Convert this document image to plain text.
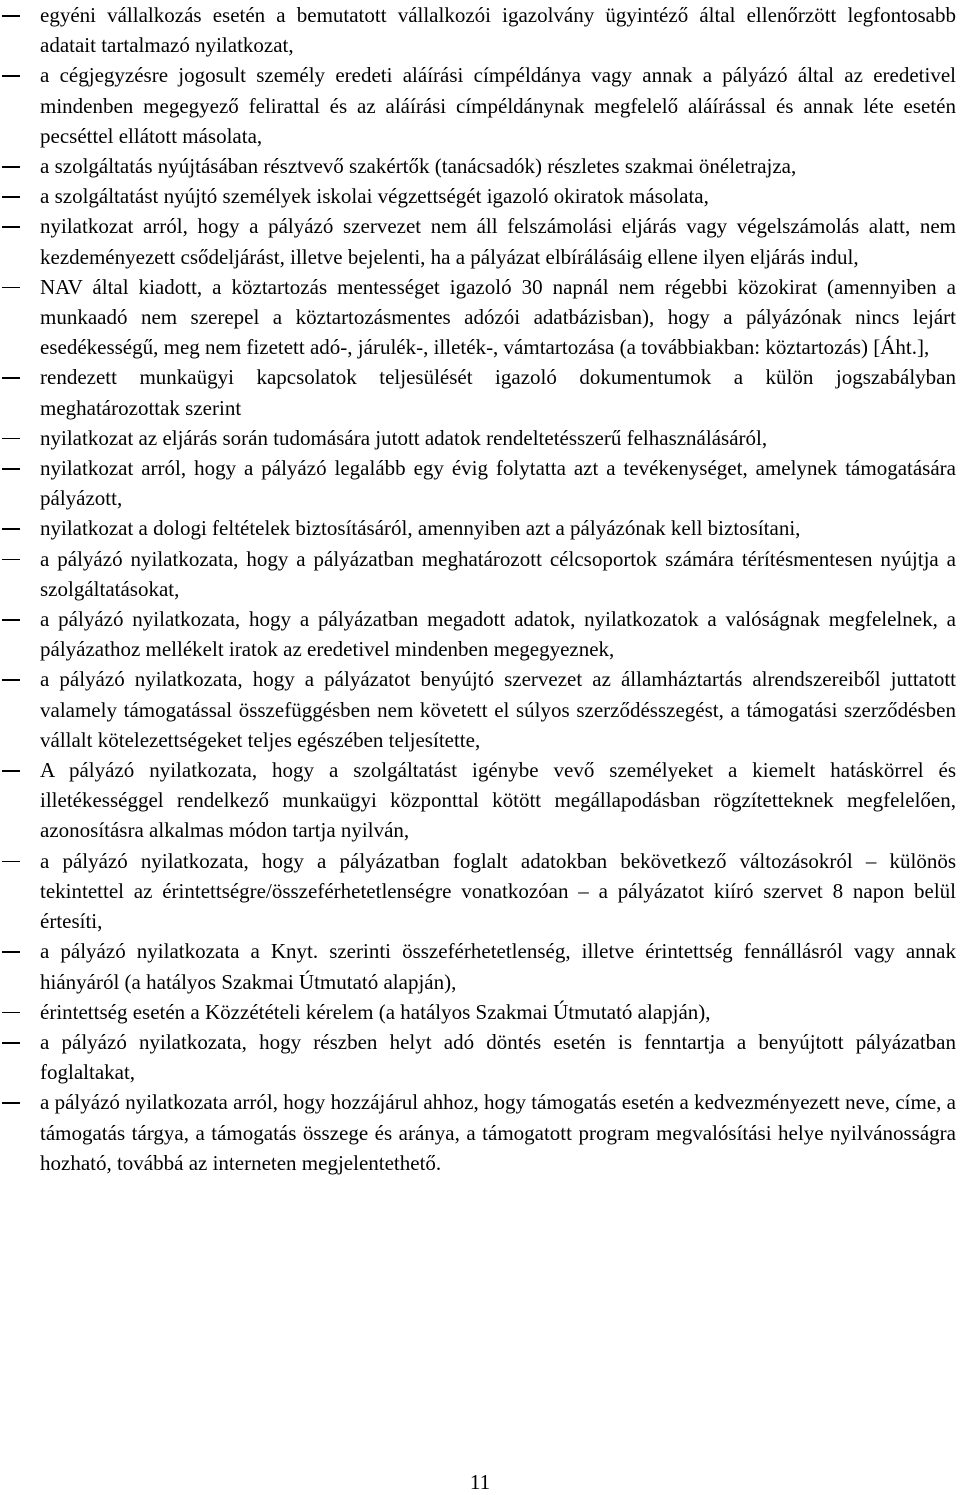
egyéni vállalkozás esetén a bemutatott vállalkozói igazolvány ügyintéző által ellenőrzött legfontosabb adatait tartalmazó nyilatkozat,
a cégjegyzésre jogosult személy eredeti aláírási címpéldánya vagy annak a pályázó által az eredetivel mindenben megegyező felirattal és az aláírási címpéldánynak megfelelő aláírással és annak léte esetén pecséttel ellátott másolata,
a szolgáltatás nyújtásában résztvevő szakértők (tanácsadók) részletes szakmai önéletrajza,
a szolgáltatást nyújtó személyek iskolai végzettségét igazoló okiratok másolata,
nyilatkozat arról, hogy a pályázó szervezet nem áll felszámolási eljárás vagy végelszámolás alatt, nem kezdeményezett csődeljárást, illetve bejelenti, ha a pályázat elbírálásáig ellene ilyen eljárás indul,
NAV által kiadott, a köztartozás mentességet igazoló 30 napnál nem régebbi közokirat (amennyiben a munkaadó nem szerepel a köztartozásmentes adózói adatbázisban), hogy a pályázónak nincs lejárt esedékességű, meg nem fizetett adó-, járulék-, illeték-, vámtartozása (a továbbiakban: köztartozás) [Áht.],
rendezett munkaügyi kapcsolatok teljesülését igazoló dokumentumok a külön jogszabályban meghatározottak szerint
nyilatkozat az eljárás során tudomására jutott adatok rendeltetésszerű felhasználásáról,
nyilatkozat arról, hogy a pályázó legalább egy évig folytatta azt a tevékenységet, amelynek támogatására pályázott,
nyilatkozat a dologi feltételek biztosításáról, amennyiben azt a pályázónak kell biztosítani,
a pályázó nyilatkozata, hogy a pályázatban meghatározott célcsoportok számára térítésmentesen nyújtja a szolgáltatásokat,
a pályázó nyilatkozata, hogy a pályázatban megadott adatok, nyilatkozatok a valóságnak megfelelnek, a pályázathoz mellékelt iratok az eredetivel mindenben megegyeznek,
a pályázó nyilatkozata, hogy a pályázatot benyújtó szervezet az államháztartás alrendszereiből juttatott valamely támogatással összefüggésben nem követett el súlyos szerződésszegést, a támogatási szerződésben vállalt kötelezettségeket teljes egészében teljesítette,
A pályázó nyilatkozata, hogy a szolgáltatást igénybe vevő személyeket a kiemelt hatáskörrel és illetékességgel rendelkező munkaügyi központtal kötött megállapodásban rögzítetteknek megfelelően, azonosításra alkalmas módon tartja nyilván,
a pályázó nyilatkozata, hogy a pályázatban foglalt adatokban bekövetkező változásokról – különös tekintettel az érintettségre/összeférhetetlenségre vonatkozóan – a pályázatot kiíró szervet 8 napon belül értesíti,
a pályázó nyilatkozata a Knyt. szerinti összeférhetetlenség, illetve érintettség fennállásról vagy annak hiányáról (a hatályos Szakmai Útmutató alapján),
érintettség esetén a Közzétételi kérelem (a hatályos Szakmai Útmutató alapján),
a pályázó nyilatkozata, hogy részben helyt adó döntés esetén is fenntartja a benyújtott pályázatban foglaltakat,
a pályázó nyilatkozata arról, hogy hozzájárul ahhoz, hogy támogatás esetén a kedvezményezett neve, címe, a támogatás tárgya, a támogatás összege és aránya, a támogatott program megvalósítási helye nyilvánosságra hozható, továbbá az interneten megjelentethető.
11
